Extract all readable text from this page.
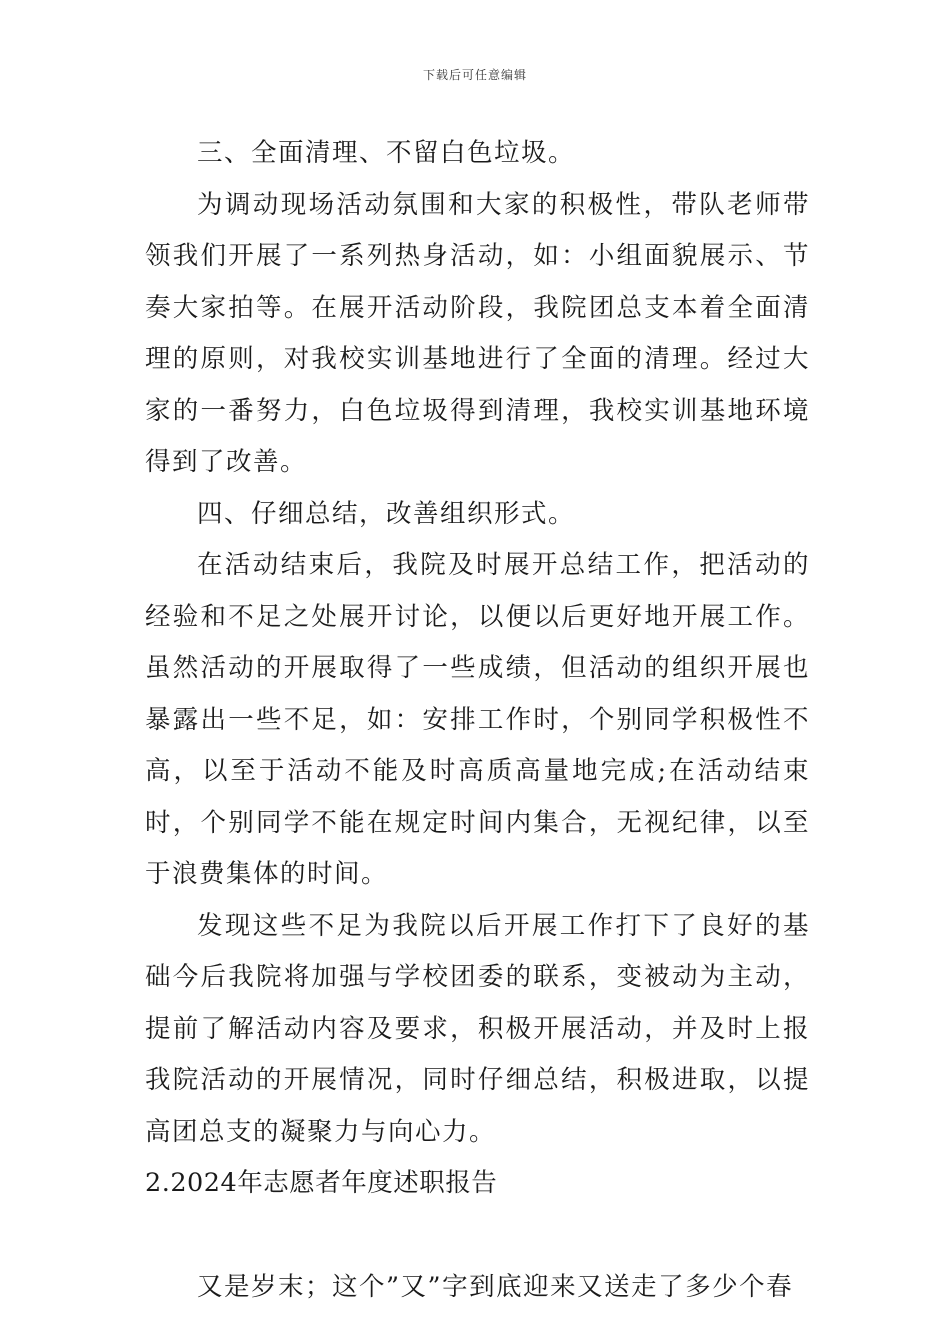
下载后可任意编辑

三、全面清理、不留白色垃圾。

为调动现场活动氛围和大家的积极性，带队老师带领我们开展了一系列热身活动，如：小组面貌展示、节奏大家拍等。在展开活动阶段，我院团总支本着全面清理的原则，对我校实训基地进行了全面的清理。经过大家的一番努力，白色垃圾得到清理，我校实训基地环境得到了改善。

四、仔细总结，改善组织形式。

在活动结束后，我院及时展开总结工作，把活动的经验和不足之处展开讨论，以便以后更好地开展工作。虽然活动的开展取得了一些成绩，但活动的组织开展也暴露出一些不足，如：安排工作时，个别同学积极性不高，以至于活动不能及时高质高量地完成;在活动结束时，个别同学不能在规定时间内集合，无视纪律，以至于浪费集体的时间。

发现这些不足为我院以后开展工作打下了良好的基础今后我院将加强与学校团委的联系，变被动为主动，提前了解活动内容及要求，积极开展活动，并及时上报我院活动的开展情况，同时仔细总结，积极进取，以提高团总支的凝聚力与向心力。

2.2024年志愿者年度述职报告

又是岁末；这个”又”字到底迎来又送走了多少个春
